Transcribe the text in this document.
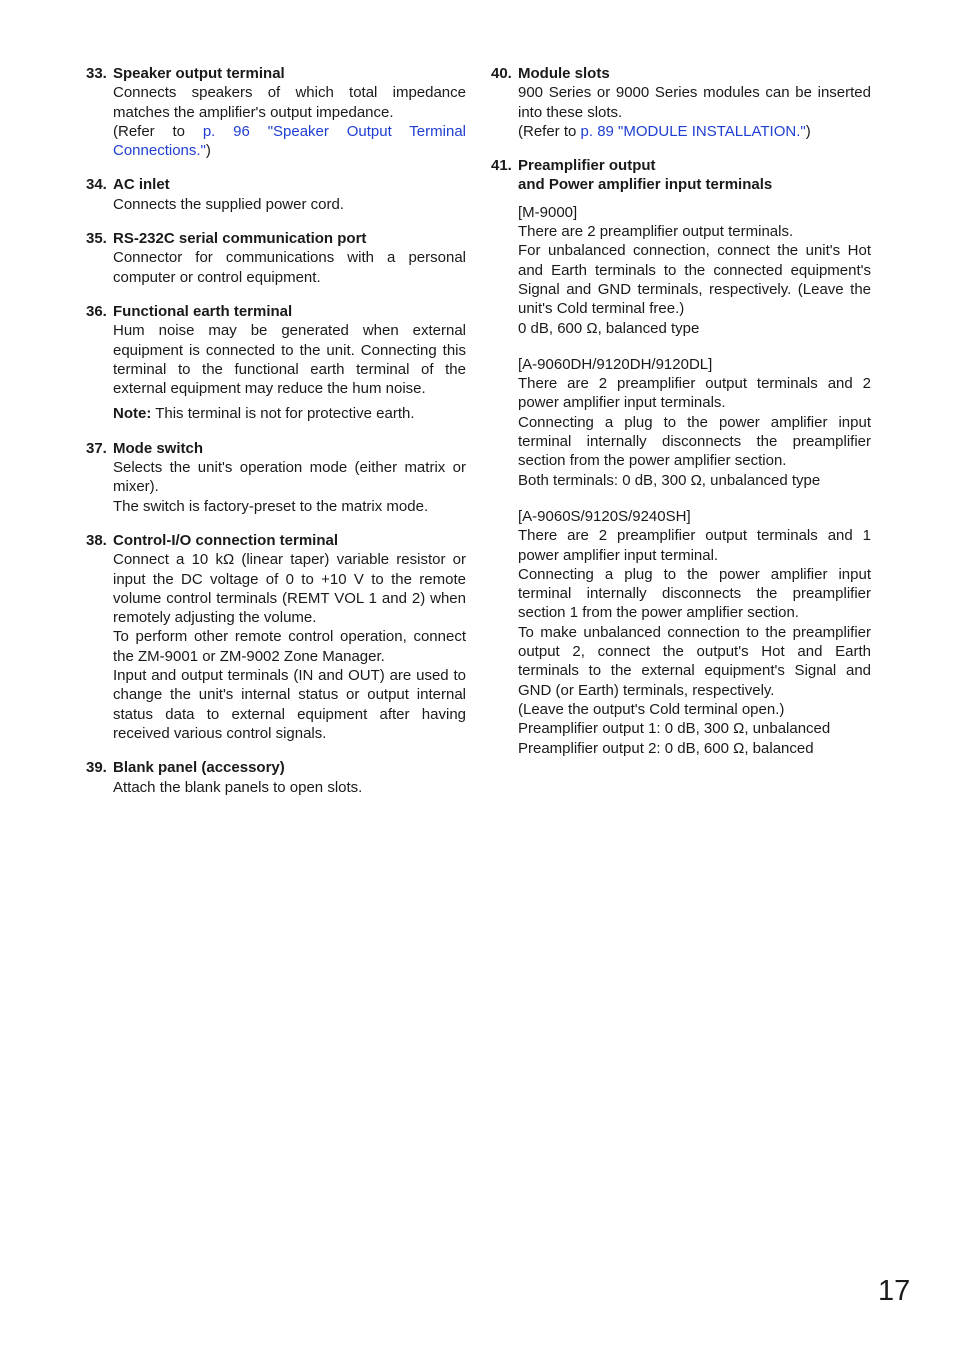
33. Speaker output terminal

Connects speakers of which total impedance matches the amplifier's output impedance.

(Refer to p. 96 "Speaker Output Terminal Connections.")

34. AC inlet

Connects the supplied power cord.

35. RS-232C serial communication port

Connector for communications with a personal computer or control equipment.

36. Functional earth terminal

Hum noise may be generated when external equipment is connected to the unit. Connecting this terminal to the functional earth terminal of the external equipment may reduce the hum noise.

Note: This terminal is not for protective earth.

37. Mode switch

Selects the unit's operation mode (either matrix or mixer).

The switch is factory-preset to the matrix mode.

38. Control-I/O connection terminal

Connect a 10 kΩ (linear taper) variable resistor or input the DC voltage of 0 to +10 V to the remote volume control terminals (REMT VOL 1 and 2) when remotely adjusting the volume.

To perform other remote control operation, connect the ZM-9001 or ZM-9002 Zone Manager.

Input and output terminals (IN and OUT) are used to change the unit's internal status or output internal status data to external equipment after having received various control signals.

39. Blank panel (accessory)

Attach the blank panels to open slots.

40. Module slots

900 Series or 9000 Series modules can be inserted into these slots.

(Refer to p. 89 "MODULE INSTALLATION.")

41. Preamplifier output
and Power amplifier input terminals

[M-9000]

There are 2 preamplifier output terminals.

For unbalanced connection, connect the unit's Hot and Earth terminals to the connected equipment's Signal and GND terminals, respectively. (Leave the unit's Cold terminal free.)

0 dB, 600 Ω, balanced type

[A-9060DH/9120DH/9120DL]

There are 2 preamplifier output terminals and 2 power amplifier input terminals.

Connecting a plug to the power amplifier input terminal internally disconnects the preamplifier section from the power amplifier section.

Both terminals: 0 dB, 300 Ω, unbalanced type

[A-9060S/9120S/9240SH]

There are 2 preamplifier output terminals and 1 power amplifier input terminal.

Connecting a plug to the power amplifier input terminal internally disconnects the preamplifier section 1 from the power amplifier section.

To make unbalanced connection to the preamplifier output 2, connect the output's Hot and Earth terminals to the external equipment's Signal and GND (or Earth) terminals, respectively.

(Leave the output's Cold terminal open.)

Preamplifier output 1: 0 dB, 300 Ω, unbalanced

Preamplifier output 2: 0 dB, 600 Ω, balanced

17
